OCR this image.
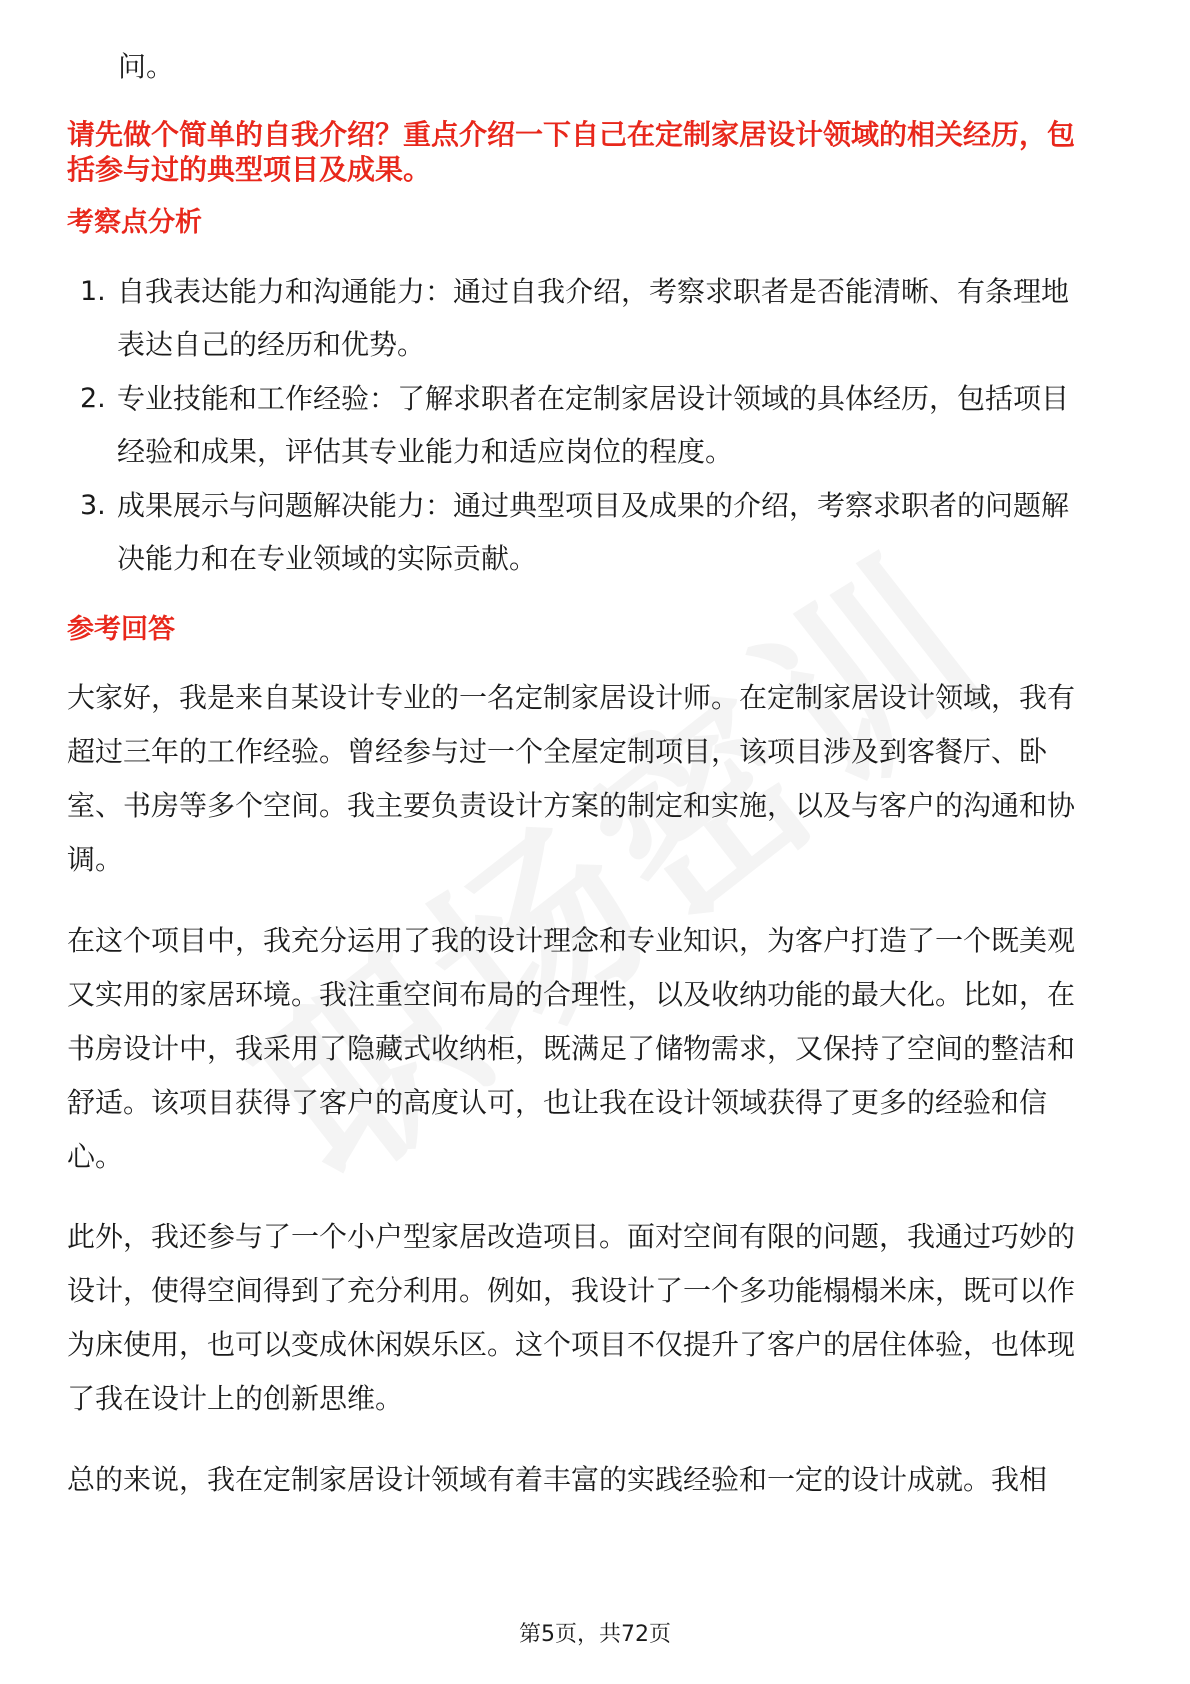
问。
请先做个简单的自我介绍？重点介绍一下自己在定制家居设计领域的相关经历，包
括参与过的典型项目及成果。
考察点分析
1. 自我表达能力和沟通能力：通过自我介绍，考察求职者是否能清晰、有条理地
表达自己的经历和优势。
2. 专业技能和工作经验：了解求职者在定制家居设计领域的具体经历，包括项目
经验和成果，评估其专业能力和适应岗位的程度。
3. 成果展示与问题解决能力：通过典型项目及成果的介绍，考察求职者的问题解
决能力和在专业领域的实际贡献。
参考回答
大家好，我是来自某设计专业的一名定制家居设计师。在定制家居设计领域，我有
超过三年的工作经验。曾经参与过一个全屋定制项目，该项目涉及到客餐厅、卧
室、书房等多个空间。我主要负责设计方案的制定和实施，以及与客户的沟通和协
调。
在这个项目中，我充分运用了我的设计理念和专业知识，为客户打造了一个既美观
又实用的家居环境。我注重空间布局的合理性，以及收纳功能的最大化。比如，在
书房设计中，我采用了隐藏式收纳柜，既满足了储物需求，又保持了空间的整洁和
舒适。该项目获得了客户的高度认可，也让我在设计领域获得了更多的经验和信
心。
此外，我还参与了一个小户型家居改造项目。面对空间有限的问题，我通过巧妙的
设计，使得空间得到了充分利用。例如，我设计了一个多功能榻榻米床，既可以作
为床使用，也可以变成休闲娱乐区。这个项目不仅提升了客户的居住体验，也体现
了我在设计上的创新思维。
总的来说，我在定制家居设计领域有着丰富的实践经验和一定的设计成就。我相
第5页，共72页
